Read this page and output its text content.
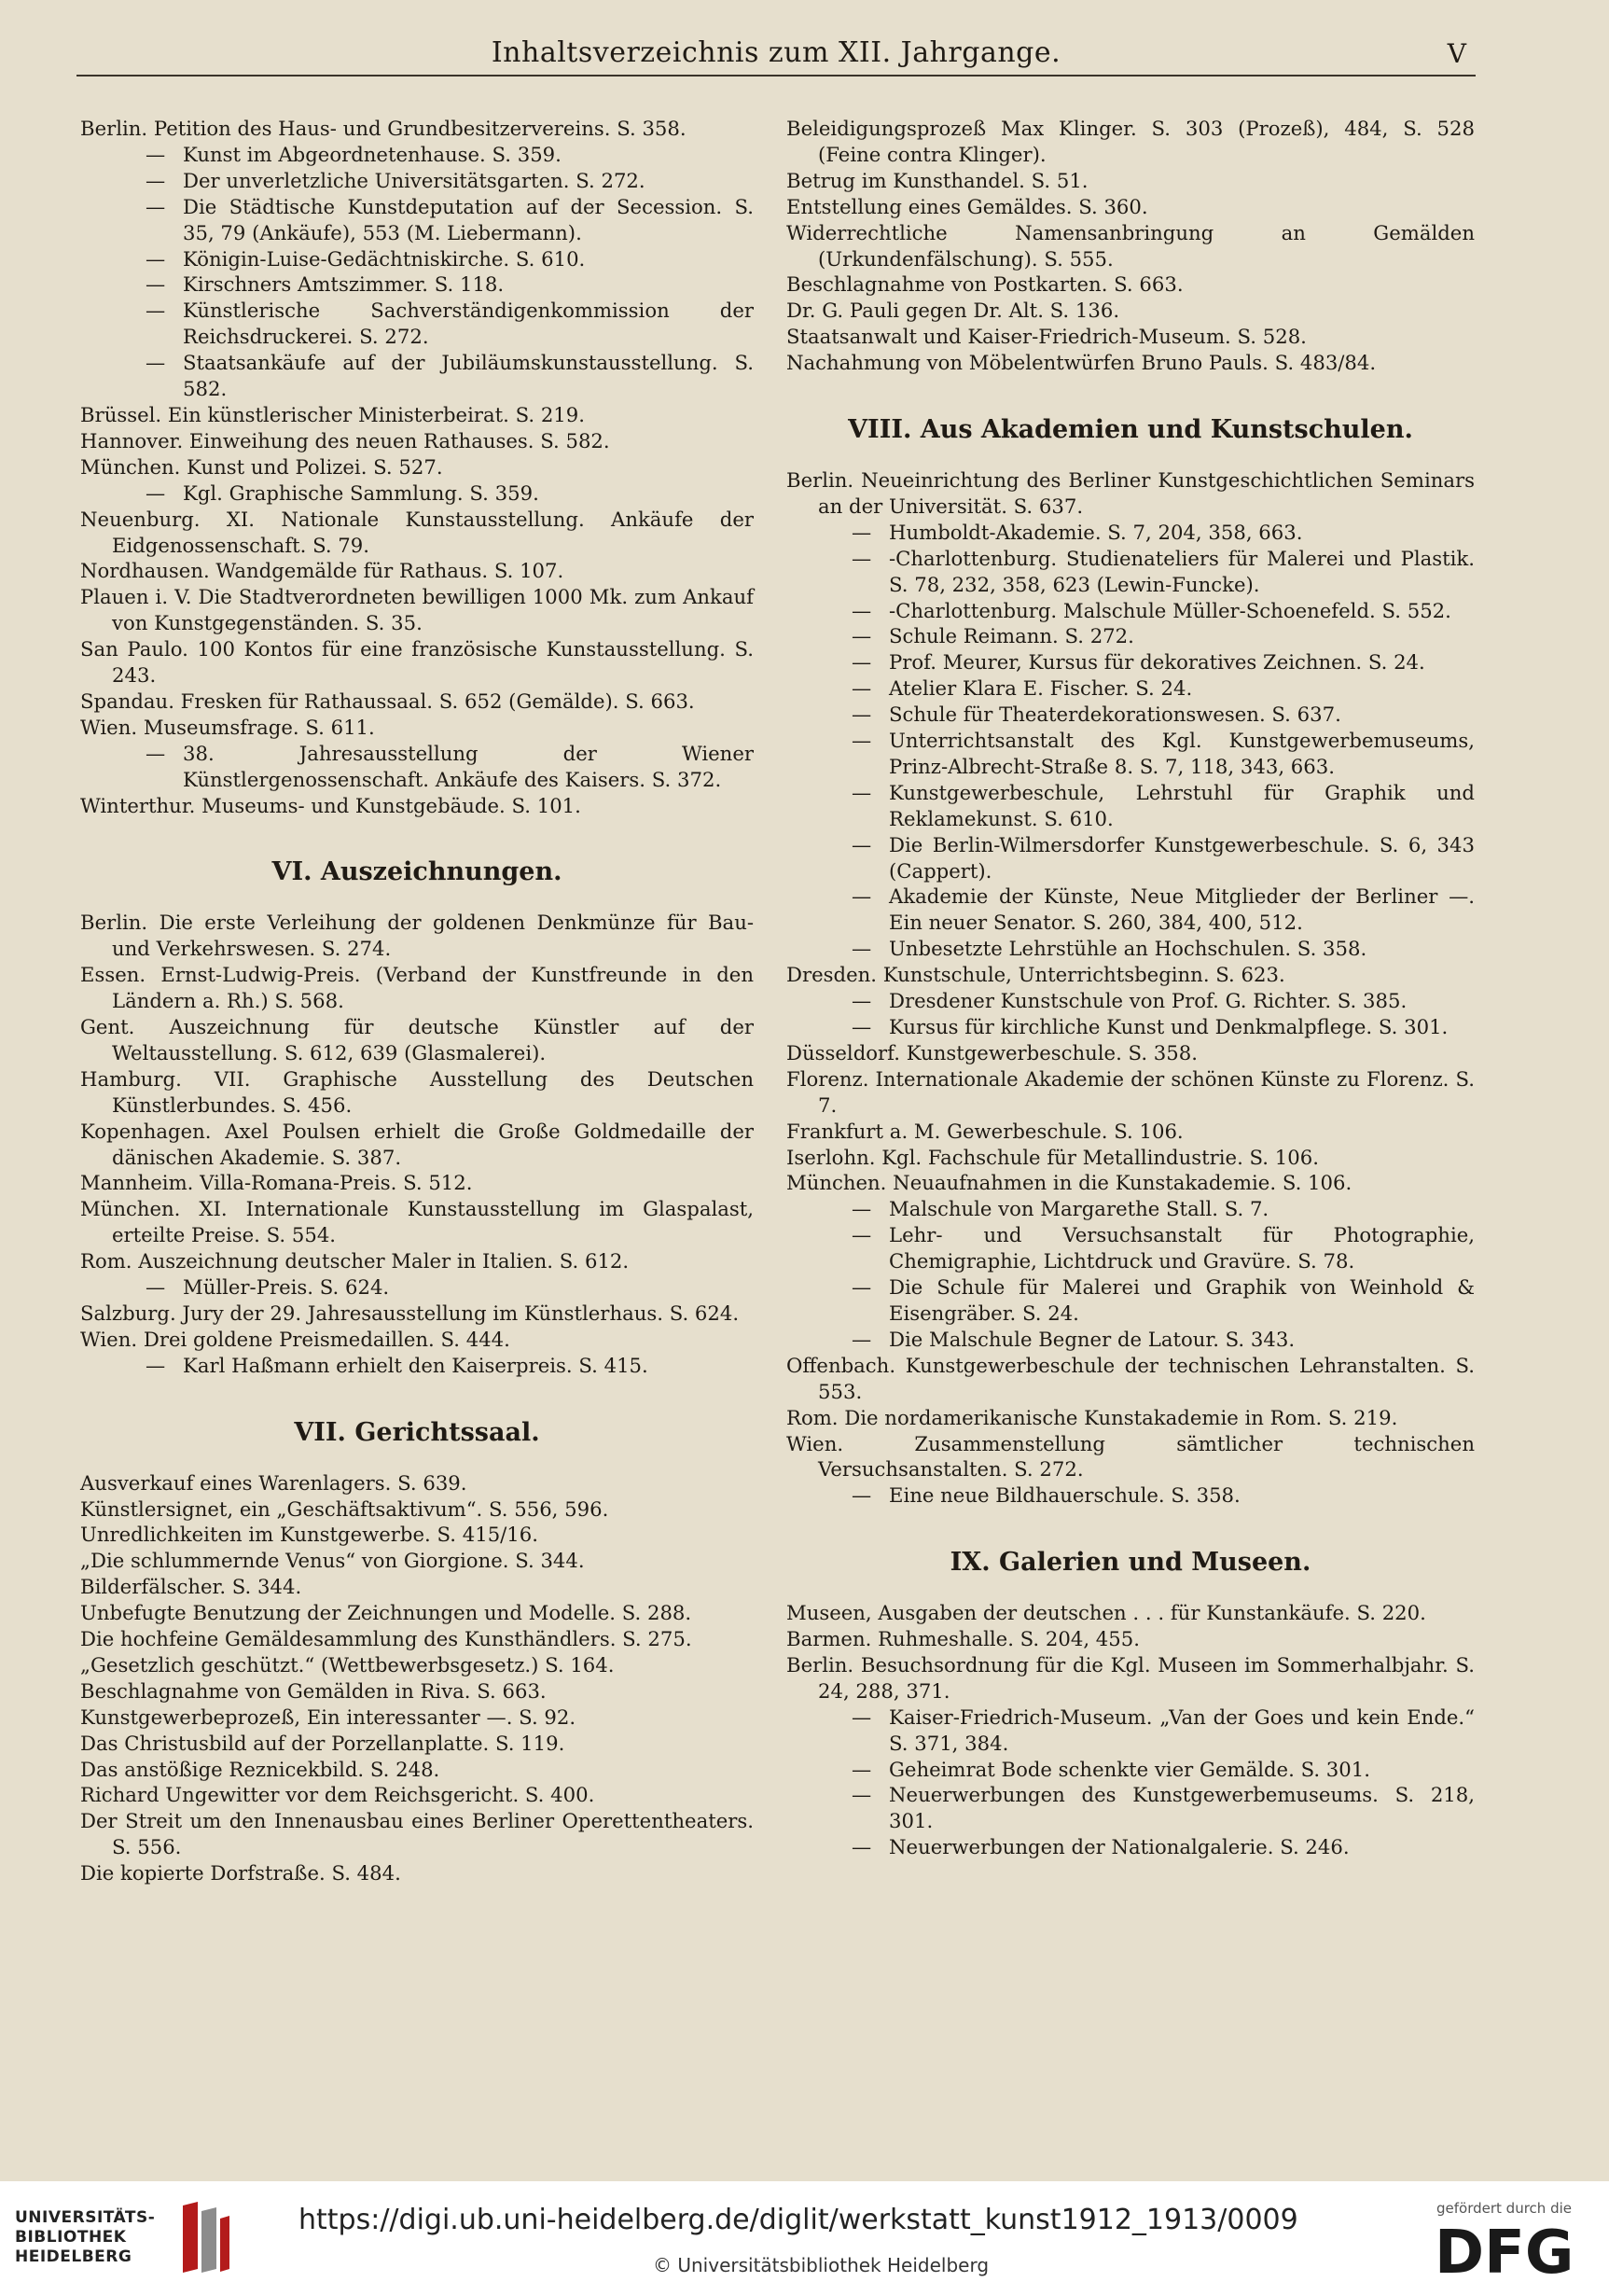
Inhaltsverzeichnis zum XII. Jahrgange.	V

Berlin. Petition des Haus- und Grundbesitzervereins. S. 358.

— Kunst im Abgeordnetenhause. S. 359.

— Der unverletzliche Universitätsgarten. S. 272.

— Die Städtische Kunstdeputation auf der Secession. S. 35, 79 (Ankäufe), 553 (M. Liebermann).

— Königin-Luise-Gedächtniskirche. S. 610.

— Kirschners Amtszimmer. S. 118.

— Künstlerische Sachverständigenkommission der Reichsdruckerei. S. 272.

— Staatsankäufe auf der Jubiläumskunstausstellung. S. 582.

Brüssel. Ein künstlerischer Ministerbeirat. S. 219.

Hannover. Einweihung des neuen Rathauses. S. 582.

München. Kunst und Polizei. S. 527.

— Kgl. Graphische Sammlung. S. 359.

Neuenburg. XI. Nationale Kunstausstellung. Ankäufe der Eidgenossenschaft. S. 79.

Nordhausen. Wandgemälde für Rathaus. S. 107.

Plauen i. V. Die Stadtverordneten bewilligen 1000 Mk. zum Ankauf von Kunstgegenständen. S. 35.

San Paulo. 100 Kontos für eine französische Kunstausstellung. S. 243.

Spandau. Fresken für Rathaussaal. S. 652 (Gemälde). S. 663.

Wien. Museumsfrage. S. 611.

— 38. Jahresausstellung der Wiener Künstlergenossenschaft. Ankäufe des Kaisers. S. 372.

Winterthur. Museums- und Kunstgebäude. S. 101.

VI. Auszeichnungen.

Berlin. Die erste Verleihung der goldenen Denkmünze für Bau- und Verkehrswesen. S. 274.

Essen. Ernst-Ludwig-Preis. (Verband der Kunstfreunde in den Ländern a. Rh.) S. 568.

Gent. Auszeichnung für deutsche Künstler auf der Weltausstellung. S. 612, 639 (Glasmalerei).

Hamburg. VII. Graphische Ausstellung des Deutschen Künstlerbundes. S. 456.

Kopenhagen. Axel Poulsen erhielt die Große Goldmedaille der dänischen Akademie. S. 387.

Mannheim. Villa-Romana-Preis. S. 512.

München. XI. Internationale Kunstausstellung im Glaspalast, erteilte Preise. S. 554.

Rom. Auszeichnung deutscher Maler in Italien. S. 612.

— Müller-Preis. S. 624.

Salzburg. Jury der 29. Jahresausstellung im Künstlerhaus. S. 624.

Wien. Drei goldene Preismedaillen. S. 444.

— Karl Haßmann erhielt den Kaiserpreis. S. 415.

VII. Gerichtssaal.

Ausverkauf eines Warenlagers. S. 639.

Künstlersignet, ein „Geschäftsaktivum“. S. 556, 596.

Unredlichkeiten im Kunstgewerbe. S. 415/16.

„Die schlummernde Venus“ von Giorgione. S. 344.

Bilderfälscher. S. 344.

Unbefugte Benutzung der Zeichnungen und Modelle. S. 288.

Die hochfeine Gemäldesammlung des Kunsthändlers. S. 275.

„Gesetzlich geschützt.“ (Wettbewerbsgesetz.) S. 164.

Beschlagnahme von Gemälden in Riva. S. 663.

Kunstgewerbeprozeß, Ein interessanter —. S. 92.

Das Christusbild auf der Porzellanplatte. S. 119.

Das anstößige Reznicekbild. S. 248.

Richard Ungewitter vor dem Reichsgericht. S. 400.

Der Streit um den Innenausbau eines Berliner Operettentheaters. S. 556.

Die kopierte Dorfstraße. S. 484.

Beleidigungsprozeß Max Klinger. S. 303 (Prozeß), 484, S. 528 (Feine contra Klinger).

Betrug im Kunsthandel. S. 51.

Entstellung eines Gemäldes. S. 360.

Widerrechtliche Namensanbringung an Gemälden (Urkundenfälschung). S. 555.

Beschlagnahme von Postkarten. S. 663.

Dr. G. Pauli gegen Dr. Alt. S. 136.

Staatsanwalt und Kaiser-Friedrich-Museum. S. 528.

Nachahmung von Möbelentwürfen Bruno Pauls. S. 483/84.

VIII. Aus Akademien und Kunstschulen.

Berlin. Neueinrichtung des Berliner Kunstgeschichtlichen Seminars an der Universität. S. 637.

— Humboldt-Akademie. S. 7, 204, 358, 663.

— -Charlottenburg. Studienateliers für Malerei und Plastik. S. 78, 232, 358, 623 (Lewin-Funcke).

— -Charlottenburg. Malschule Müller-Schoenefeld. S. 552.

— Schule Reimann. S. 272.

— Prof. Meurer, Kursus für dekoratives Zeichnen. S. 24.

— Atelier Klara E. Fischer. S. 24.

— Schule für Theaterdekorationswesen. S. 637.

— Unterrichtsanstalt des Kgl. Kunstgewerbemuseums, Prinz-Albrecht-Straße 8. S. 7, 118, 343, 663.

— Kunstgewerbeschule, Lehrstuhl für Graphik und Reklamekunst. S. 610.

— Die Berlin-Wilmersdorfer Kunstgewerbeschule. S. 6, 343 (Cappert).

— Akademie der Künste, Neue Mitglieder der Berliner —. Ein neuer Senator. S. 260, 384, 400, 512.

— Unbesetzte Lehrstühle an Hochschulen. S. 358.

Dresden. Kunstschule, Unterrichtsbeginn. S. 623.

— Dresdener Kunstschule von Prof. G. Richter. S. 385.

— Kursus für kirchliche Kunst und Denkmalpflege. S. 301.

Düsseldorf. Kunstgewerbeschule. S. 358.

Florenz. Internationale Akademie der schönen Künste zu Florenz. S. 7.

Frankfurt a. M. Gewerbeschule. S. 106.

Iserlohn. Kgl. Fachschule für Metallindustrie. S. 106.

München. Neuaufnahmen in die Kunstakademie. S. 106.

— Malschule von Margarethe Stall. S. 7.

— Lehr- und Versuchsanstalt für Photographie, Chemigraphie, Lichtdruck und Gravüre. S. 78.

— Die Schule für Malerei und Graphik von Weinhold & Eisengräber. S. 24.

— Die Malschule Begner de Latour. S. 343.

Offenbach. Kunstgewerbeschule der technischen Lehranstalten. S. 553.

Rom. Die nordamerikanische Kunstakademie in Rom. S. 219.

Wien. Zusammenstellung sämtlicher technischen Versuchsanstalten. S. 272.

— Eine neue Bildhauerschule. S. 358.

IX. Galerien und Museen.

Museen, Ausgaben der deutschen . . . für Kunstankäufe. S. 220.

Barmen. Ruhmeshalle. S. 204, 455.

Berlin. Besuchsordnung für die Kgl. Museen im Sommerhalbjahr. S. 24, 288, 371.

— Kaiser-Friedrich-Museum. „Van der Goes und kein Ende.“ S. 371, 384.

— Geheimrat Bode schenkte vier Gemälde. S. 301.

— Neuerwerbungen des Kunstgewerbemuseums. S. 218, 301.

— Neuerwerbungen der Nationalgalerie. S. 246.

UNIVERSITÄTS-
BIBLIOTHEK
HEIDELBERG
https://digi.ub.uni-heidelberg.de/diglit/werkstatt_kunst1912_1913/0009
© Universitätsbibliothek Heidelberg
gefördert durch die
DFG
